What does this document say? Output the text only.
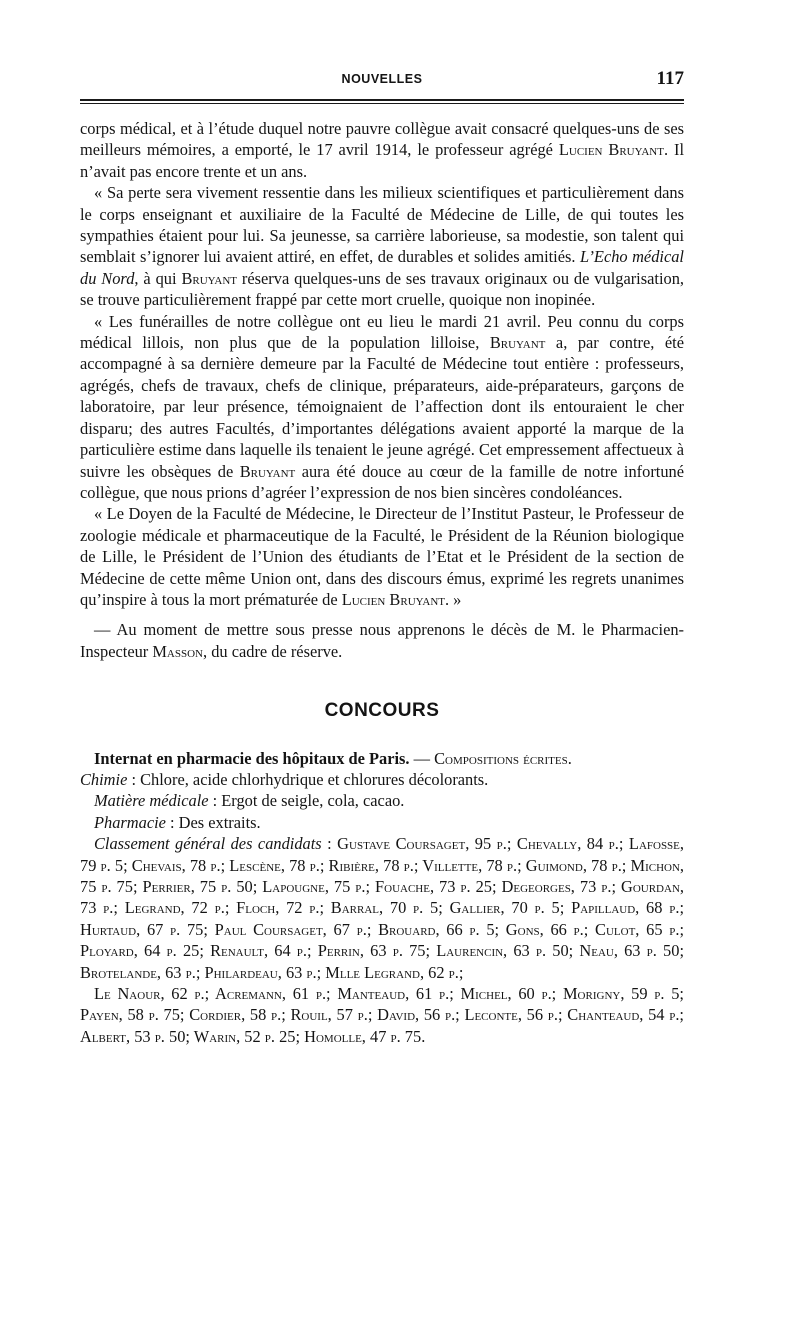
NOUVELLES	117

corps médical, et à l’étude duquel notre pauvre collègue avait consacré quelques-uns de ses meilleurs mémoires, a emporté, le 17 avril 1914, le professeur agrégé Lucien Bruyant. Il n’avait pas encore trente et un ans.

« Sa perte sera vivement ressentie dans les milieux scientifiques et particulièrement dans le corps enseignant et auxiliaire de la Faculté de Médecine de Lille, de qui toutes les sympathies étaient pour lui. Sa jeunesse, sa carrière laborieuse, sa modestie, son talent qui semblait s’ignorer lui avaient attiré, en effet, de durables et solides amitiés. L’Echo médical du Nord, à qui Bruyant réserva quelques-uns de ses travaux originaux ou de vulgarisation, se trouve particulièrement frappé par cette mort cruelle, quoique non inopinée.

« Les funérailles de notre collègue ont eu lieu le mardi 21 avril. Peu connu du corps médical lillois, non plus que de la population lilloise, Bruyant a, par contre, été accompagné à sa dernière demeure par la Faculté de Médecine tout entière : professeurs, agrégés, chefs de travaux, chefs de clinique, préparateurs, aide-préparateurs, garçons de laboratoire, par leur présence, témoignaient de l’affection dont ils entouraient le cher disparu; des autres Facultés, d’importantes délégations avaient apporté la marque de la particulière estime dans laquelle ils tenaient le jeune agrégé. Cet empressement affectueux à suivre les obsèques de Bruyant aura été douce au cœur de la famille de notre infortuné collègue, que nous prions d’agréer l’expression de nos bien sincères condoléances.

« Le Doyen de la Faculté de Médecine, le Directeur de l’Institut Pasteur, le Professeur de zoologie médicale et pharmaceutique de la Faculté, le Président de la Réunion biologique de Lille, le Président de l’Union des étudiants de l’Etat et le Président de la section de Médecine de cette même Union ont, dans des discours émus, exprimé les regrets unanimes qu’inspire à tous la mort prématurée de Lucien Bruyant. »

— Au moment de mettre sous presse nous apprenons le décès de M. le Pharmacien-Inspecteur Masson, du cadre de réserve.

CONCOURS

Internat en pharmacie des hôpitaux de Paris. — Compositions écrites.
Chimie : Chlore, acide chlorhydrique et chlorures décolorants.

Matière médicale : Ergot de seigle, cola, cacao.

Pharmacie : Des extraits.

Classement général des candidats : Gustave Coursaget, 95 p.; Chevally, 84 p.; Lafosse, 79 p. 5; Chevais, 78 p.; Lescène, 78 p.; Ribière, 78 p.; Villette, 78 p.; Guimond, 78 p.; Michon, 75 p. 75; Perrier, 75 p. 50; Lapougne, 75 p.; Fouache, 73 p. 25; Degeorges, 73 p.; Gourdan, 73 p.; Legrand, 72 p.; Floch, 72 p.; Barral, 70 p. 5; Gallier, 70 p. 5; Papillaud, 68 p.; Hurtaud, 67 p. 75; Paul Coursaget, 67 p.; Brouard, 66 p. 5; Gons, 66 p.; Culot, 65 p.; Ployard, 64 p. 25; Renault, 64 p.; Perrin, 63 p. 75; Laurencin, 63 p. 50; Neau, 63 p. 50; Brotelande, 63 p.; Philardeau, 63 p.; Mlle Legrand, 62 p.;

Le Naour, 62 p.; Acremann, 61 p.; Manteaud, 61 p.; Michel, 60 p.; Morigny, 59 p. 5; Payen, 58 p. 75; Cordier, 58 p.; Rouil, 57 p.; David, 56 p.; Leconte, 56 p.; Chanteaud, 54 p.; Albert, 53 p. 50; Warin, 52 p. 25; Homolle, 47 p. 75.
